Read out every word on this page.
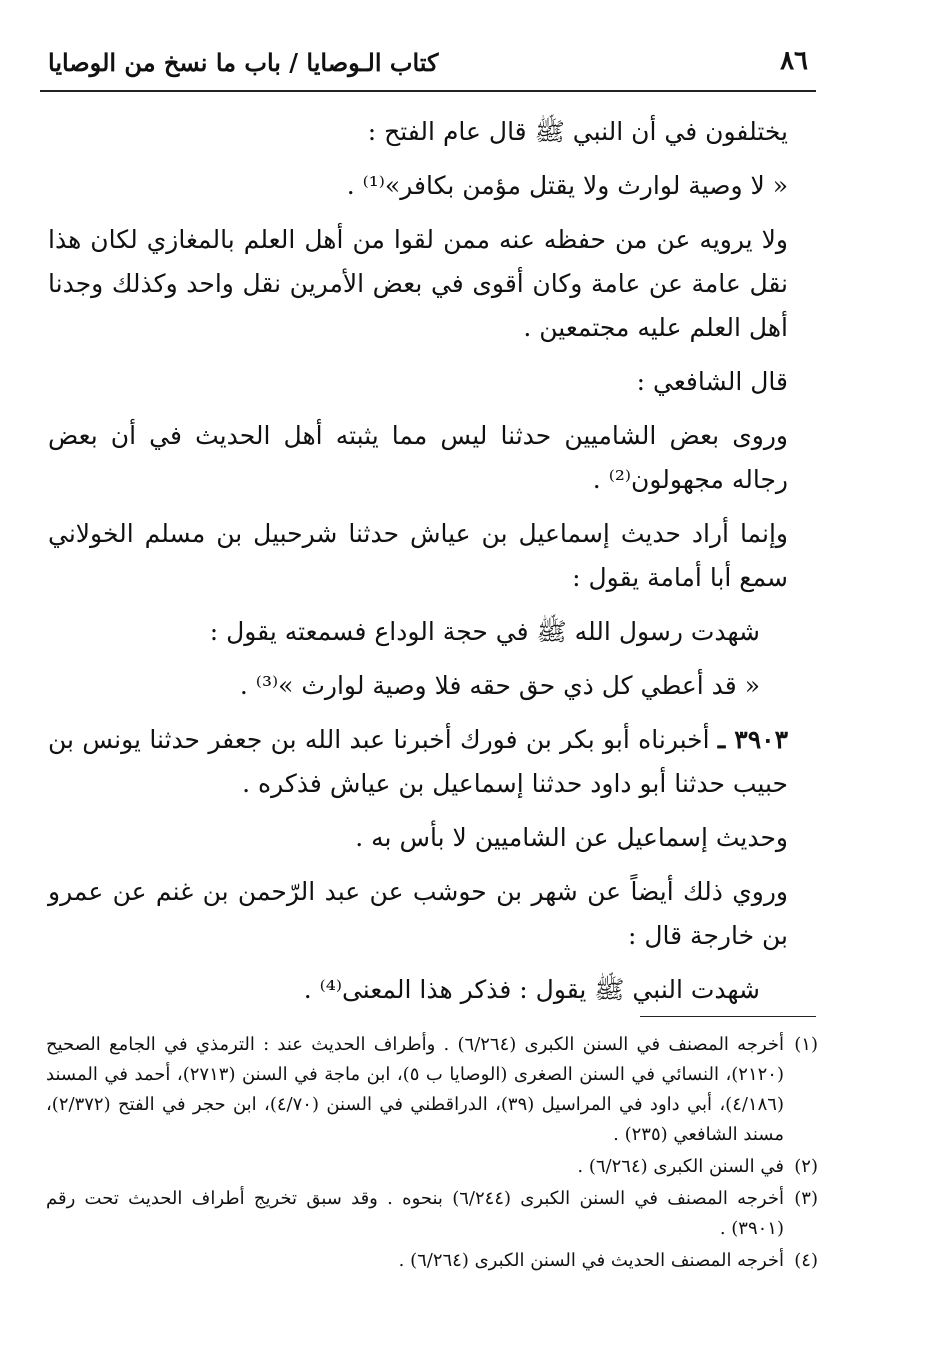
٨٦
كتاب الـوصايا / باب ما نسخ من الوصايا

يختلفون في أن النبي ﷺ قال عام الفتح :

« لا وصية لوارث ولا يقتل مؤمن بكافر»⁽¹⁾ .

ولا يرويه عن من حفظه عنه ممن لقوا من أهل العلم بالمغازي لكان هذا نقل عامة عن عامة وكان أقوى في بعض الأمرين نقل واحد وكذلك وجدنا أهل العلم عليه مجتمعين .

قال الشافعي :

وروى بعض الشاميين حدثنا ليس مما يثبته أهل الحديث في أن بعض رجاله مجهولون⁽²⁾ .

وإنما أراد حديث إسماعيل بن عياش حدثنا شرحبيل بن مسلم الخولاني سمع أبا أمامة يقول :

شهدت رسول الله ﷺ في حجة الوداع فسمعته يقول :

« قد أعطي كل ذي حق حقه فلا وصية لوارث »⁽³⁾ .

٣٩٠٣ ـ أخبرناه أبو بكر بن فورك أخبرنا عبد الله بن جعفر حدثنا يونس بن حبيب حدثنا أبو داود حدثنا إسماعيل بن عياش فذكره .

وحديث إسماعيل عن الشاميين لا بأس به .

وروي ذلك أيضاً عن شهر بن حوشب عن عبد الرّحمن بن غنم عن عمرو بن خارجة قال :

شهدت النبي ﷺ يقول : فذكر هذا المعنى⁽⁴⁾ .

(١)
أخرجه المصنف في السنن الكبرى (٦/٢٦٤) . وأطراف الحديث عند : الترمذي في الجامع الصحيح (٢١٢٠)، النسائي في السنن الصغرى (الوصايا ب ٥)، ابن ماجة في السنن (٢٧١٣)، أحمد في المسند (٤/١٨٦)، أبي داود في المراسيل (٣٩)، الدراقطني في السنن (٤/٧٠)، ابن حجر في الفتح (٢/٣٧٢)، مسند الشافعي (٢٣٥) .
(٢)
في السنن الكبرى (٦/٢٦٤) .
(٣)
أخرجه المصنف في السنن الكبرى (٦/٢٤٤) بنحوه . وقد سبق تخريج أطراف الحديث تحت رقم (٣٩٠١) .
(٤)
أخرجه المصنف الحديث في السنن الكبرى (٦/٢٦٤) .
